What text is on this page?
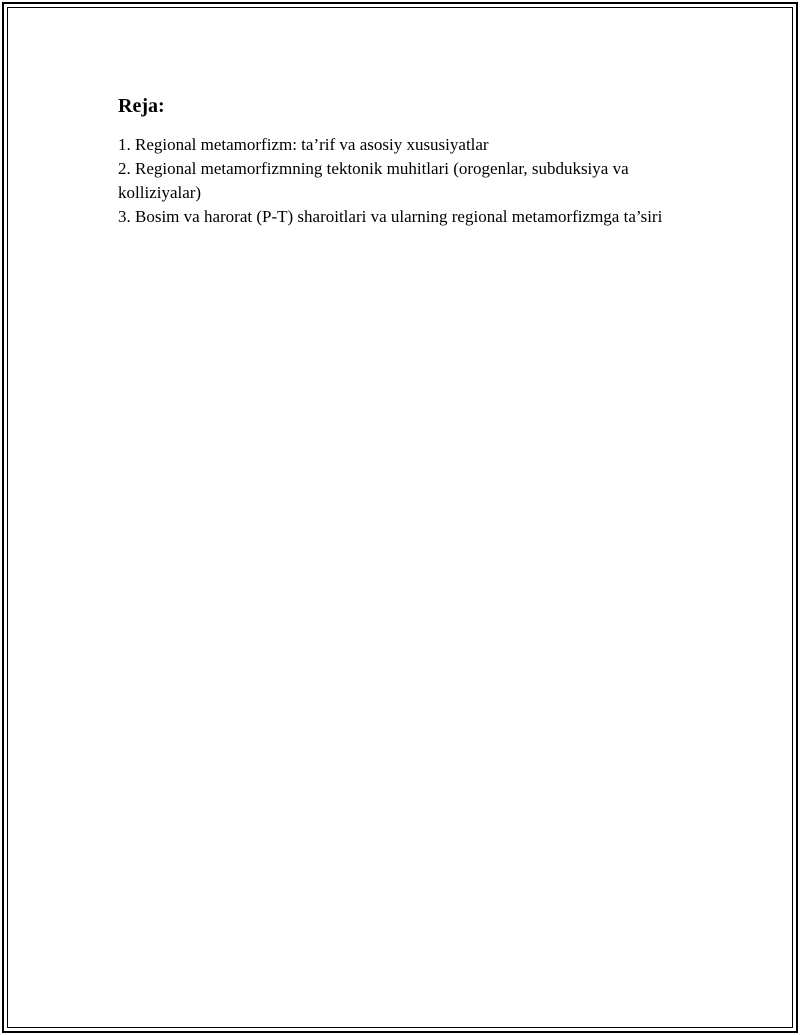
Reja:
1. Regional metamorfizm: ta’rif va asosiy xususiyatlar
2. Regional metamorfizmning tektonik muhitlari (orogenlar, subduksiya va kolliziyalar)
3. Bosim va harorat (P-T) sharoitlari va ularning regional metamorfizmga ta’siri
